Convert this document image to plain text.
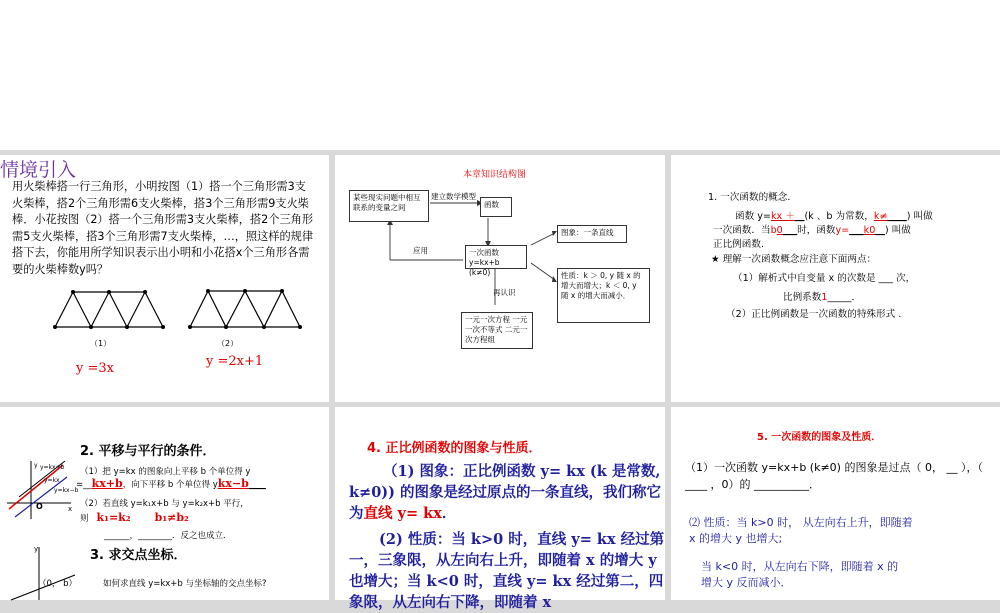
情境引入
用火柴棒搭一行三角形，小明按图（1）搭一个三角形需3支火柴棒，搭2个三角形需6支火柴棒，搭3个三角形需9支火柴棒．小花按图（2）搭一个三角形需3支火柴棒，搭2个三角形需5支火柴棒，搭3个三角形需7支火柴棒，…，照这样的规律搭下去，你能用所学知识表示出小明和小花搭x个三角形各需要的火柴棒数y吗？
（1）	（2）
y =3x	y =2x+1
本章知识结构图
某些现实问题中相互联系的变量之间
建立数学模型
函数
应用	一次函数 y=kx+b (k≠0)
图象：一条直线
性质：k ＞ 0, y 随 x 的增大而增大；k ＜ 0, y 随 x 的增大而减小．
再认识
一元一次方程 一元一次不等式 二元一次方程组
1. 一次函数的概念．
函数 y=kx ＋__(k 、b 为常数，k≠____) 叫做
一次函数．当b0___时，函数y=___k0__) 叫做
正比例函数．
★ 理解一次函数概念应注意下面两点：
（1）解析式中自变量 x 的次数是 ___ 次，
比例系数1_____．
（2）正比例函数是一次函数的特殊形式 ．
2. 平移与平行的条件．
y y=kx+b
y=kx
y=kx−b
O	x
（1）把 y=kx 的图象向上平移 b 个单位得 y
=__kx+b，向下平移 b 个单位得 ykx−b____
（2）若直线 y=k₁x+b 与 y=k₂x+b 平行，
则 k₁=k₂ b₁≠b₂
______，________．反之也成立．
3. 求交点坐标．
y
（0， b）	如何求直线 y=kx+b 与坐标轴的交点坐标?
4. 正比例函数的图象与性质．
（1) 图象：正比例函数 y= kx (k 是常数, k≠0)) 的图象是经过原点的一条直线，我们称它为直线 y= kx．
(2) 性质：当 k>0 时，直线 y= kx 经过第一，三象限，从左向右上升，即随着 x 的增大 y 也增大；当 k<0 时，直线 y= kx 经过第二，四象限，从左向右下降，即随着 x
5. 一次函数的图象及性质．
（1）一次函数 y=kx+b (k≠0) 的图象是过点（ 0， __ ），（ ____ ，0）的 __________．
⑵ 性质：当 k>0 时， 从左向右上升，即随着
x 的增大 y 也增大;
当 k<0 时，从左向右下降，即随着 x 的
增大 y 反而减小．
